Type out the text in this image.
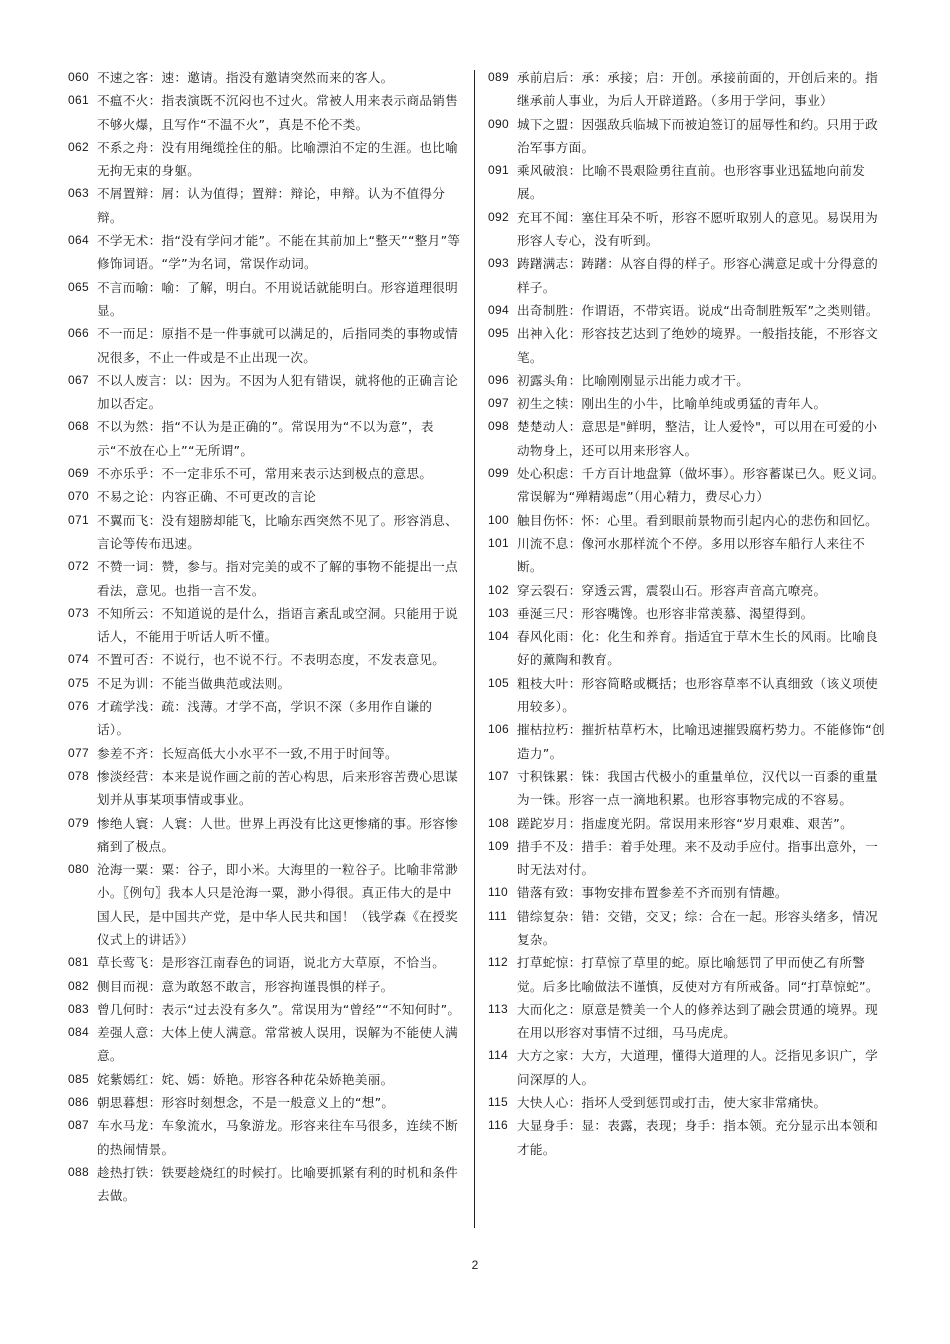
060 不速之客：速：邀请。指没有邀请突然而来的客人。
061 不瘟不火：指表演既不沉闷也不过火。常被人用来表示商品销售不够火爆，且写作“不温不火”，真是不伦不类。
062 不系之舟：没有用绳缆拴住的船。比喻漂泊不定的生涯。也比喻无拘无束的身躯。
063 不屑置辩：屑：认为值得；置辩：辩论，申辩。认为不值得分辩。
064 不学无术：指“没有学问才能”。不能在其前加上“整天”“整月”等修饰词语。“学”为名词，常误作动词。
065 不言而喻：喻：了解，明白。不用说话就能明白。形容道理很明显。
066 不一而足：原指不是一件事就可以满足的，后指同类的事物或情况很多，不止一件或是不止出现一次。
067 不以人废言：以：因为。不因为人犯有错误，就将他的正确言论加以否定。
068 不以为然：指“不认为是正确的”。常误用为“不以为意”，表示“不放在心上”“无所谓”。
069 不亦乐乎：不一定非乐不可，常用来表示达到极点的意思。
070 不易之论：内容正确、不可更改的言论
071 不翼而飞：没有翅膀却能飞，比喻东西突然不见了。形容消息、言论等传布迅速。
072 不赞一词：赞，参与。指对完美的或不了解的事物不能提出一点看法，意见。也指一言不发。
073 不知所云：不知道说的是什么，指语言紊乱或空洞。只能用于说话人，不能用于听话人听不懂。
074 不置可否：不说行，也不说不行。不表明态度，不发表意见。
075 不足为训：不能当做典范或法则。
076 才疏学浅：疏：浅薄。才学不高，学识不深（多用作自谦的话）。
077 参差不齐：长短高低大小水平不一致,不用于时间等。
078 惨淡经营：本来是说作画之前的苦心构思，后来形容苦费心思谋划并从事某项事情或事业。
079 惨绝人寰：人寰：人世。世界上再没有比这更惨痛的事。形容惨痛到了极点。
080 沧海一粟：粟：谷子，即小米。大海里的一粒谷子。比喻非常渺小。〖例句〗我本人只是沧海一粟，渺小得很。真正伟大的是中国人民，是中国共产党，是中华人民共和国！（钱学森《在授奖仪式上的讲话》）
081 草长莺飞：是形容江南春色的词语，说北方大草原，不恰当。
082 侧目而视：意为敢怒不敢言，形容拘谨畏惧的样子。
083 曾几何时：表示“过去没有多久”。常误用为“曾经”“不知何时”。
084 差强人意：大体上使人满意。常常被人误用，误解为不能使人满意。
085 姹紫嫣红：姹、嫣：娇艳。形容各种花朵娇艳美丽。
086 朝思暮想：形容时刻想念，不是一般意义上的“想”。
087 车水马龙：车象流水，马象游龙。形容来往车马很多，连续不断的热闹情景。
088 趁热打铁：铁要趁烧红的时候打。比喻要抓紧有利的时机和条件去做。
089 承前启后：承：承接；启：开创。承接前面的，开创后来的。指继承前人事业，为后人开辟道路。（多用于学问，事业）
090 城下之盟：因强敌兵临城下而被迫签订的屈辱性和约。只用于政治军事方面。
091 乘风破浪：比喻不畏艰险勇往直前。也形容事业迅猛地向前发展。
092 充耳不闻：塞住耳朵不听，形容不愿听取别人的意见。易误用为形容人专心，没有听到。
093 踌躇满志：踌躇：从容自得的样子。形容心满意足或十分得意的样子。
094 出奇制胜：作谓语，不带宾语。说成“出奇制胜叛军”之类则错。
095 出神入化：形容技艺达到了绝妙的境界。一般指技能，不形容文笔。
096 初露头角：比喻刚刚显示出能力或才干。
097 初生之犊：刚出生的小牛，比喻单纯或勇猛的青年人。
098 楚楚动人：意思是"鲜明，整洁，让人爱怜"，可以用在可爱的小动物身上，还可以用来形容人。
099 处心积虑：千方百计地盘算（做坏事）。形容蓄谋已久。贬义词。常误解为“殚精竭虑”（用心精力，费尽心力）
100 触目伤怀：怀：心里。看到眼前景物而引起内心的悲伤和回忆。
101 川流不息：像河水那样流个不停。多用以形容车船行人来往不断。
102 穿云裂石：穿透云霄，震裂山石。形容声音高亢嘹亮。
103 垂涎三尺：形容嘴馋。也形容非常羡慕、渴望得到。
104 春风化雨：化：化生和养育。指适宜于草木生长的风雨。比喻良好的薰陶和教育。
105 粗枝大叶：形容简略或概括；也形容草率不认真细致（该义项使用较多）。
106 摧枯拉朽：摧折枯草朽木，比喻迅速摧毁腐朽势力。不能修饰“创造力”。
107 寸积铢累：铢：我国古代极小的重量单位，汉代以一百黍的重量为一铢。形容一点一滴地积累。也形容事物完成的不容易。
108 蹉跎岁月：指虚度光阴。常误用来形容“岁月艰难、艰苦”。
109 措手不及：措手：着手处理。来不及动手应付。指事出意外，一时无法对付。
110 错落有致：事物安排布置参差不齐而别有情趣。
111 错综复杂：错：交错，交叉；综：合在一起。形容头绪多，情况复杂。
112 打草蛇惊：打草惊了草里的蛇。原比喻惩罚了甲而使乙有所警觉。后多比喻做法不谨慎，反使对方有所戒备。同“打草惊蛇”。
113 大而化之：原意是赞美一个人的修养达到了融会贯通的境界。现在用以形容对事情不过细，马马虎虎。
114 大方之家：大方，大道理，懂得大道理的人。泛指见多识广，学问深厚的人。
115 大快人心：指坏人受到惩罚或打击，使大家非常痛快。
116 大显身手：显：表露，表现；身手：指本领。充分显示出本领和才能。
2
